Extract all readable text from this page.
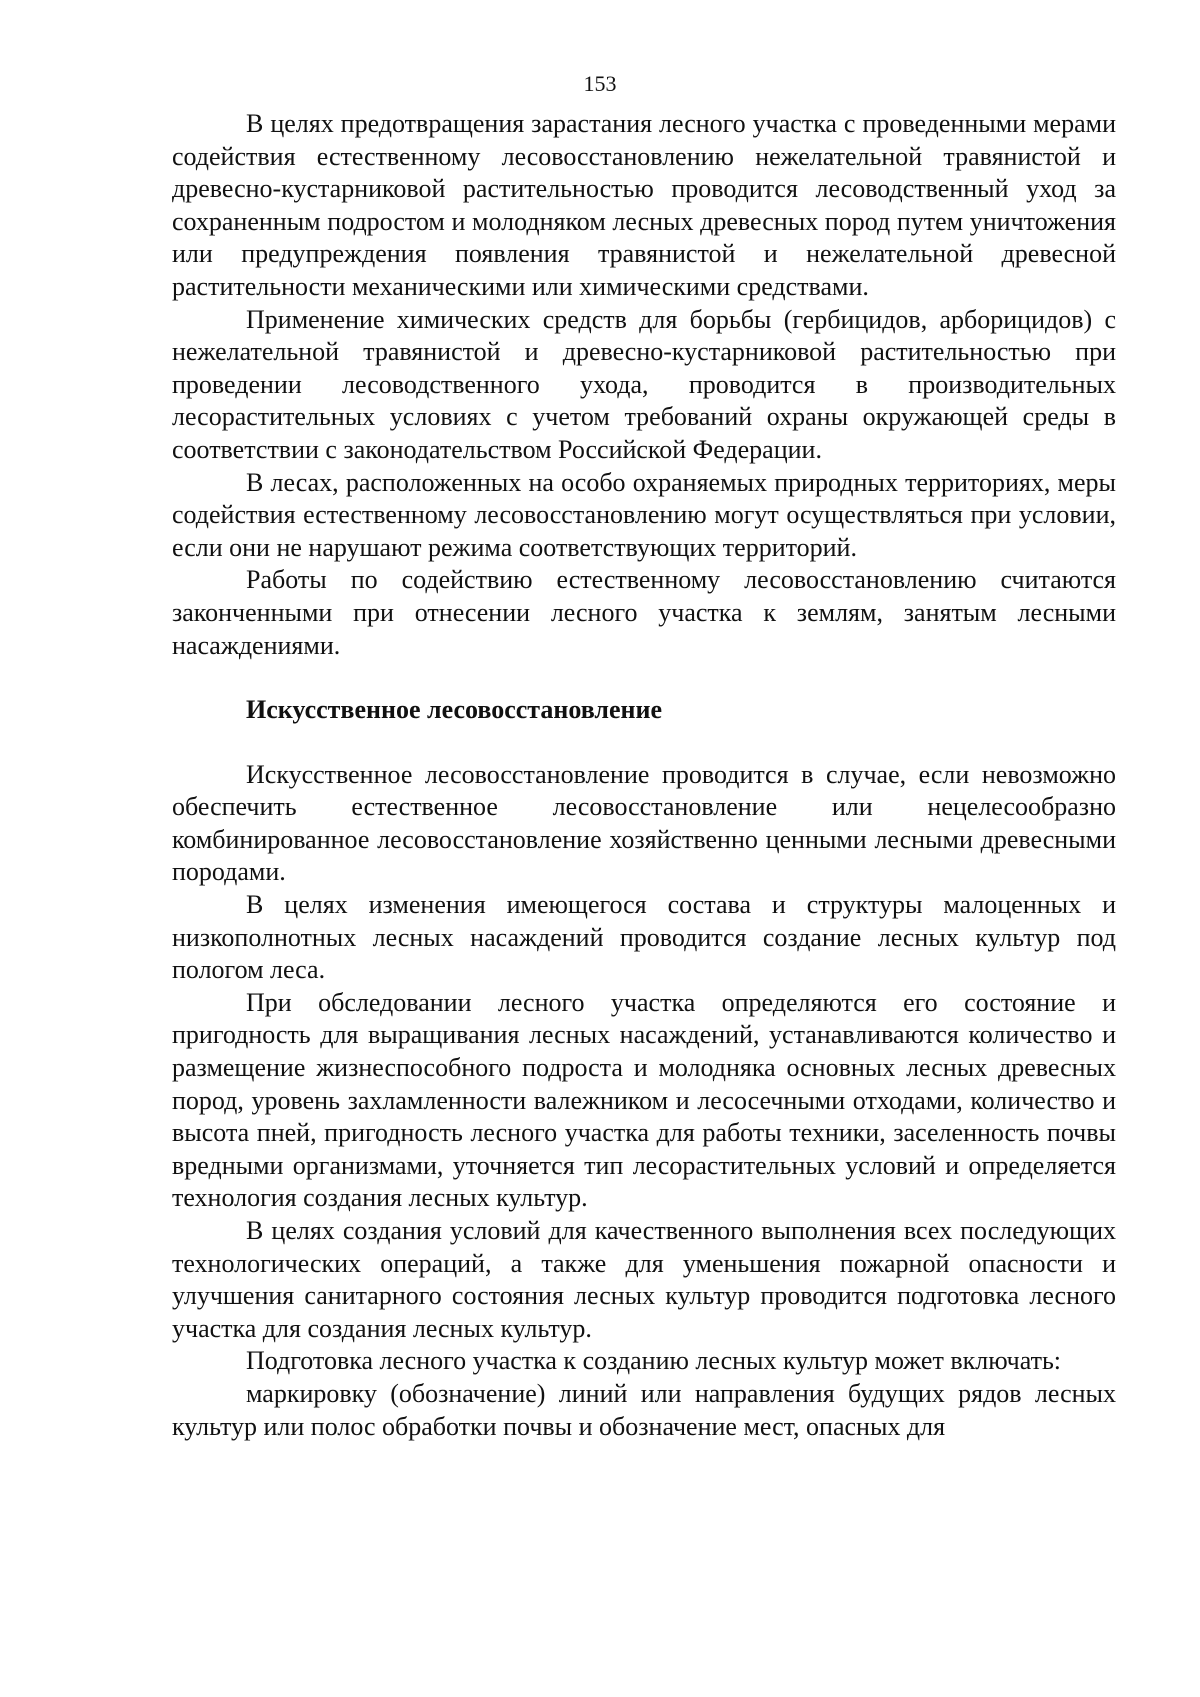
153

В целях предотвращения зарастания лесного участка с проведенными мерами содействия естественному лесовосстановлению нежелательной травянистой и древесно-кустарниковой растительностью проводится лесоводственный уход за сохраненным подростом и молодняком лесных древесных пород путем уничтожения или предупреждения появления травянистой и нежелательной древесной растительности механическими или химическими средствами.

Применение химических средств для борьбы (гербицидов, арборицидов) с нежелательной травянистой и древесно-кустарниковой растительностью при проведении лесоводственного ухода, проводится в производительных лесорастительных условиях с учетом требований охраны окружающей среды в соответствии с законодательством Российской Федерации.

В лесах, расположенных на особо охраняемых природных территориях, меры содействия естественному лесовосстановлению могут осуществляться при условии, если они не нарушают режима соответствующих территорий.

Работы по содействию естественному лесовосстановлению считаются законченными при отнесении лесного участка к землям, занятым лесными насаждениями.

Искусственное лесовосстановление

Искусственное лесовосстановление проводится в случае, если невозможно обеспечить естественное лесовосстановление или нецелесообразно комбинированное лесовосстановление хозяйственно ценными лесными древесными породами.

В целях изменения имеющегося состава и структуры малоценных и низкополнотных лесных насаждений проводится создание лесных культур под пологом леса.

При обследовании лесного участка определяются его состояние и пригодность для выращивания лесных насаждений, устанавливаются количество и размещение жизнеспособного подроста и молодняка основных лесных древесных пород, уровень захламленности валежником и лесосечными отходами, количество и высота пней, пригодность лесного участка для работы техники, заселенность почвы вредными организмами, уточняется тип лесорастительных условий и определяется технология создания лесных культур.

В целях создания условий для качественного выполнения всех последующих технологических операций, а также для уменьшения пожарной опасности и улучшения санитарного состояния лесных культур проводится подготовка лесного участка для создания лесных культур.

Подготовка лесного участка к созданию лесных культур может включать:

маркировку (обозначение) линий или направления будущих рядов лесных культур или полос обработки почвы и обозначение мест, опасных для
